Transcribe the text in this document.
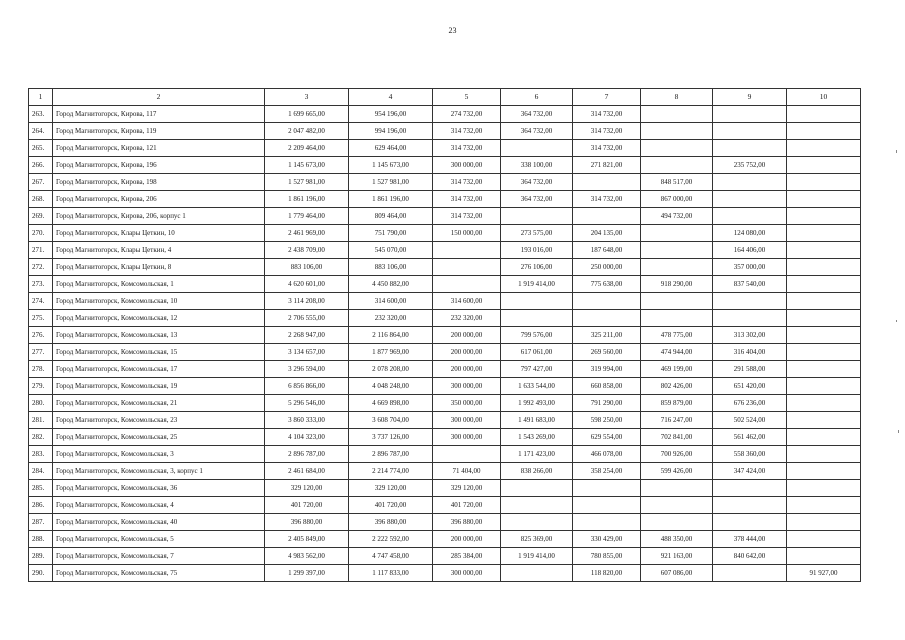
23
1	2	3	4	5	6	7	8	9	10
263.	Город Магнитогорск, Кирова, 117	1 699 665,00	954 196,00	274 732,00	364 732,00	314 732,00			
264.	Город Магнитогорск, Кирова, 119	2 047 482,00	994 196,00	314 732,00	364 732,00	314 732,00			
265.	Город Магнитогорск, Кирова, 121	2 209 464,00	629 464,00	314 732,00		314 732,00			
266.	Город Магнитогорск, Кирова, 196	1 145 673,00	1 145 673,00	300 000,00	338 100,00	271 821,00		235 752,00	
267.	Город Магнитогорск, Кирова, 198	1 527 981,00	1 527 981,00	314 732,00	364 732,00		848 517,00		
268.	Город Магнитогорск, Кирова, 206	1 861 196,00	1 861 196,00	314 732,00	364 732,00	314 732,00	867 000,00		
269.	Город Магнитогорск, Кирова, 206, корпус 1	1 779 464,00	809 464,00	314 732,00			494 732,00		
270.	Город Магнитогорск, Клары Цеткин, 10	2 461 969,00	751 790,00	150 000,00	273 575,00	204 135,00		124 080,00	
271.	Город Магнитогорск, Клары Цеткин, 4	2 438 709,00	545 070,00		193 016,00	187 648,00		164 406,00	
272.	Город Магнитогорск, Клары Цеткин, 8	883 106,00	883 106,00		276 106,00	250 000,00		357 000,00	
273.	Город Магнитогорск, Комсомольская, 1	4 620 601,00	4 450 882,00		1 919 414,00	775 638,00	918 290,00	837 540,00	
274.	Город Магнитогорск, Комсомольская, 10	3 114 208,00	314 600,00	314 600,00					
275.	Город Магнитогорск, Комсомольская, 12	2 706 555,00	232 320,00	232 320,00					
276.	Город Магнитогорск, Комсомольская, 13	2 268 947,00	2 116 864,00	200 000,00	799 576,00	325 211,00	478 775,00	313 302,00	
277.	Город Магнитогорск, Комсомольская, 15	3 134 657,00	1 877 969,00	200 000,00	617 061,00	269 560,00	474 944,00	316 404,00	
278.	Город Магнитогорск, Комсомольская, 17	3 296 594,00	2 078 208,00	200 000,00	797 427,00	319 994,00	469 199,00	291 588,00	
279.	Город Магнитогорск, Комсомольская, 19	6 856 866,00	4 048 248,00	300 000,00	1 633 544,00	660 858,00	802 426,00	651 420,00	
280.	Город Магнитогорск, Комсомольская, 21	5 296 546,00	4 669 898,00	350 000,00	1 992 493,00	791 290,00	859 879,00	676 236,00	
281.	Город Магнитогорск, Комсомольская, 23	3 860 333,00	3 608 704,00	300 000,00	1 491 683,00	598 250,00	716 247,00	502 524,00	
282.	Город Магнитогорск, Комсомольская, 25	4 104 323,00	3 737 126,00	300 000,00	1 543 269,00	629 554,00	702 841,00	561 462,00	
283.	Город Магнитогорск, Комсомольская, 3	2 896 787,00	2 896 787,00		1 171 423,00	466 078,00	700 926,00	558 360,00	
284.	Город Магнитогорск, Комсомольская, 3, корпус 1	2 461 684,00	2 214 774,00	71 404,00	838 266,00	358 254,00	599 426,00	347 424,00	
285.	Город Магнитогорск, Комсомольская, 36	329 120,00	329 120,00	329 120,00					
286.	Город Магнитогорск, Комсомольская, 4	401 720,00	401 720,00	401 720,00					
287.	Город Магнитогорск, Комсомольская, 40	396 880,00	396 880,00	396 880,00					
288.	Город Магнитогорск, Комсомольская, 5	2 405 849,00	2 222 592,00	200 000,00	825 369,00	330 429,00	488 350,00	378 444,00	
289.	Город Магнитогорск, Комсомольская, 7	4 983 562,00	4 747 458,00	285 384,00	1 919 414,00	780 855,00	921 163,00	840 642,00	
290.	Город Магнитогорск, Комсомольская, 75	1 299 397,00	1 117 833,00	300 000,00		118 820,00	607 086,00		91 927,00
